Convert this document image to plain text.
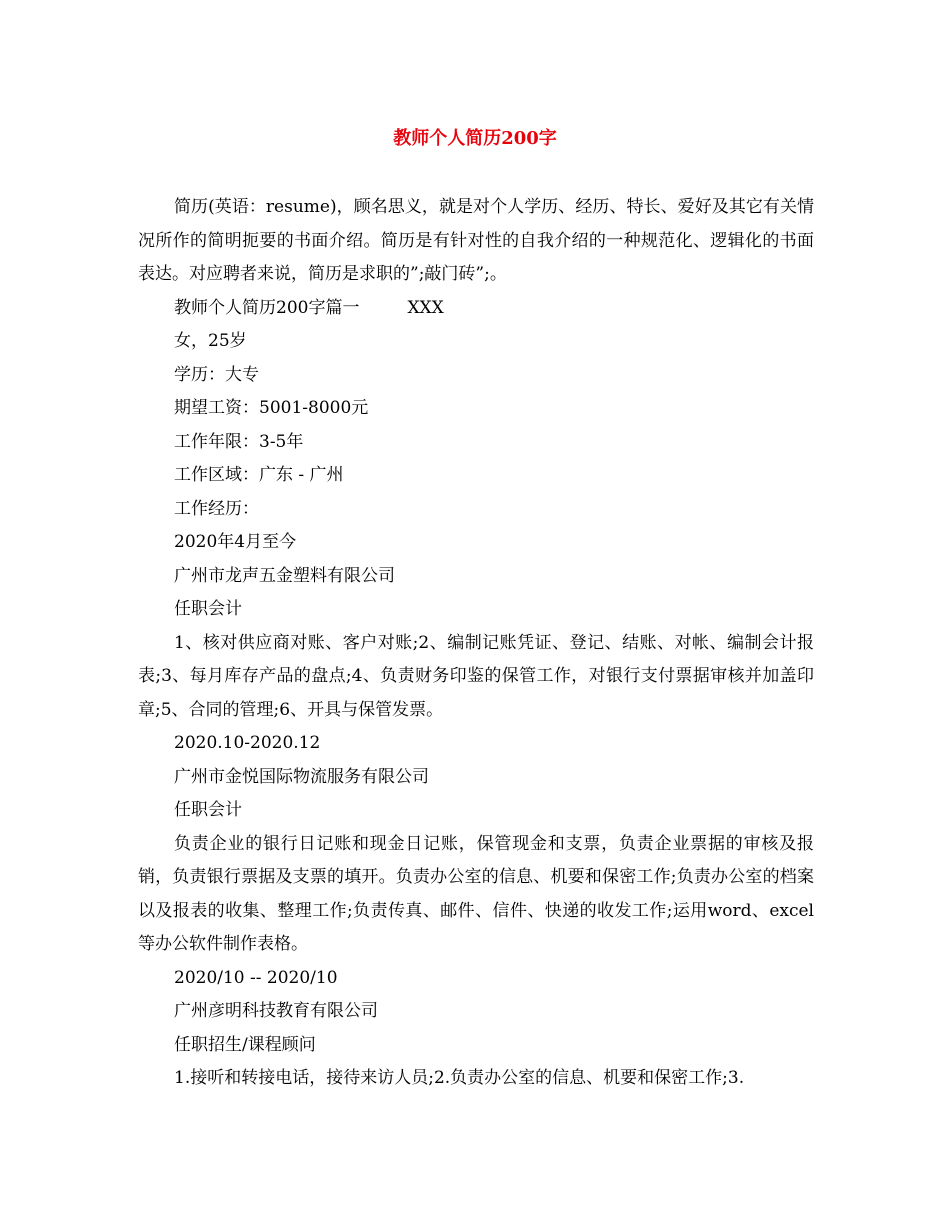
教师个人简历200字

简历(英语：resume)，顾名思义，就是对个人学历、经历、特长、爱好及其它有关情况所作的简明扼要的书面介绍。简历是有针对性的自我介绍的一种规范化、逻辑化的书面表达。对应聘者来说，简历是求职的”;敲门砖”;。

教师个人简历200字篇一	XXX

女，25岁

学历：大专

期望工资：5001-8000元

工作年限：3-5年

工作区域：广东 - 广州

工作经历：

2020年4月至今

广州市龙声五金塑料有限公司

任职会计

1、核对供应商对账、客户对账;2、编制记账凭证、登记、结账、对帐、编制会计报表;3、每月库存产品的盘点;4、负责财务印鉴的保管工作，对银行支付票据审核并加盖印章;5、合同的管理;6、开具与保管发票。

2020.10-2020.12

广州市金悦国际物流服务有限公司

任职会计

负责企业的银行日记账和现金日记账，保管现金和支票，负责企业票据的审核及报销，负责银行票据及支票的填开。负责办公室的信息、机要和保密工作;负责办公室的档案以及报表的收集、整理工作;负责传真、邮件、信件、快递的收发工作;运用word、excel等办公软件制作表格。

2020/10 -- 2020/10

广州彦明科技教育有限公司

任职招生/课程顾问

1.接听和转接电话，接待来访人员;2.负责办公室的信息、机要和保密工作;3.
